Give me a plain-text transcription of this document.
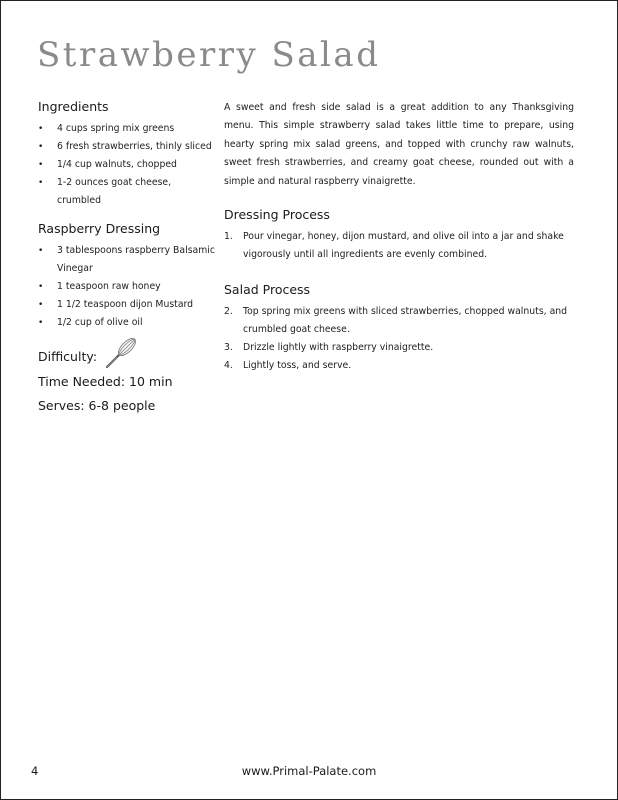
Strawberry Salad
Ingredients
• 4 cups spring mix greens
• 6 fresh strawberries, thinly sliced
• 1/4 cup walnuts, chopped
• 1-2 ounces goat cheese, crumbled
Raspberry Dressing
• 3 tablespoons raspberry Balsamic Vinegar
• 1 teaspoon raw honey
• 1 1/2 teaspoon dijon Mustard
• 1/2 cup of olive oil
Difficulty:
Time Needed: 10 min
Serves: 6-8 people

A sweet and fresh side salad is a great addition to any Thanksgiving menu. This simple strawberry salad takes little time to prepare, using hearty spring mix salad greens, and topped with crunchy raw walnuts, sweet fresh strawberries, and creamy goat cheese, rounded out with a simple and natural raspberry vinaigrette.

Dressing Process
1. Pour vinegar, honey, dijon mustard, and olive oil into a jar and shake vigorously until all ingredients are evenly combined.
Salad Process
2. Top spring mix greens with sliced strawberries, chopped walnuts, and crumbled goat cheese.
3. Drizzle lightly with raspberry vinaigrette.
4. Lightly toss, and serve.
4	www.Primal-Palate.com
